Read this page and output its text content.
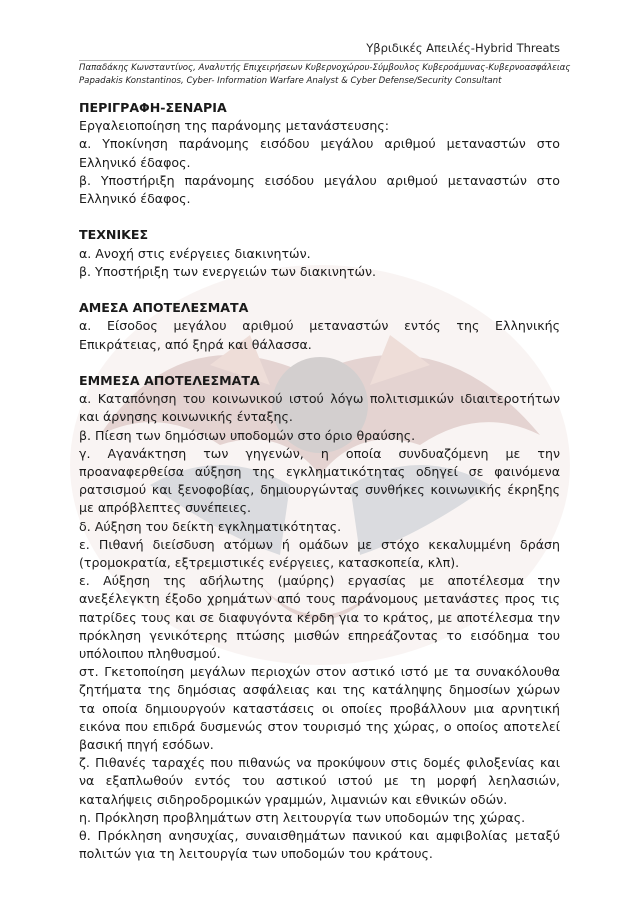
Υβριδικές Απειλές-Hybrid Threats
Παπαδάκης Κωνσταντίνος, Αναλυτής Επιχειρήσεων Κυβερνοχώρου-Σύμβουλος Κυβεροάμυνας-Κυβερνοασφάλειας
Papadakis Konstantinos, Cyber- Information Warfare Analyst & Cyber Defense/Security Consultant
ΠΕΡΙΓΡΑΦΗ-ΣΕΝΑΡΙΑ

Εργαλειοποίηση της παράνομης μετανάστευσης:

α. Υποκίνηση παράνομης εισόδου μεγάλου αριθμού μεταναστών στο Ελληνικό έδαφος.

β. Υποστήριξη παράνομης εισόδου μεγάλου αριθμού μεταναστών στο Ελληνικό έδαφος.

ΤΕΧΝΙΚΕΣ

α. Ανοχή στις ενέργειες διακινητών.

β. Υποστήριξη των ενεργειών των διακινητών.

ΑΜΕΣΑ ΑΠΟΤΕΛΕΣΜΑΤΑ

α. Είσοδος μεγάλου αριθμού μεταναστών εντός της Ελληνικής Επικράτειας, από ξηρά και θάλασσα.

ΕΜΜΕΣΑ ΑΠΟΤΕΛΕΣΜΑΤΑ

α. Καταπόνηση του κοινωνικού ιστού λόγω πολιτισμικών ιδιαιτεροτήτων και άρνησης κοινωνικής ένταξης.

β. Πίεση των δημόσιων υποδομών στο όριο θραύσης.

γ. Αγανάκτηση των γηγενών, η οποία συνδυαζόμενη με την προαναφερθείσα αύξηση της εγκληματικότητας οδηγεί σε φαινόμενα ρατσισμού και ξενοφοβίας, δημιουργώντας συνθήκες κοινωνικής έκρηξης με απρόβλεπτες συνέπειες.

δ. Αύξηση του δείκτη εγκληματικότητας.

ε. Πιθανή διείσδυση ατόμων ή ομάδων με στόχο κεκαλυμμένη δράση (τρομοκρατία, εξτρεμιστικές ενέργειες, κατασκοπεία, κλπ).

ε. Αύξηση της αδήλωτης (μαύρης) εργασίας με αποτέλεσμα την ανεξέλεγκτη έξοδο χρημάτων από τους παράνομους μετανάστες προς τις πατρίδες τους και σε διαφυγόντα κέρδη για το κράτος, με αποτέλεσμα την πρόκληση γενικότερης πτώσης μισθών επηρεάζοντας το εισόδημα του υπόλοιπου πληθυσμού.

στ. Γκετοποίηση μεγάλων περιοχών στον αστικό ιστό με τα συνακόλουθα ζητήματα της δημόσιας ασφάλειας και της κατάληψης δημοσίων χώρων τα οποία δημιουργούν καταστάσεις οι οποίες προβάλλουν μια αρνητική εικόνα που επιδρά δυσμενώς στον τουρισμό της χώρας, ο οποίος αποτελεί βασική πηγή εσόδων.

ζ. Πιθανές ταραχές που πιθανώς να προκύψουν στις δομές φιλοξενίας και να εξαπλωθούν εντός του αστικού ιστού με τη μορφή λεηλασιών, καταλήψεις σιδηροδρομικών γραμμών, λιμανιών και εθνικών οδών.

η. Πρόκληση προβλημάτων στη λειτουργία των υποδομών της χώρας.

θ. Πρόκληση ανησυχίας, συναισθημάτων πανικού και αμφιβολίας μεταξύ πολιτών για τη λειτουργία των υποδομών του κράτους.
